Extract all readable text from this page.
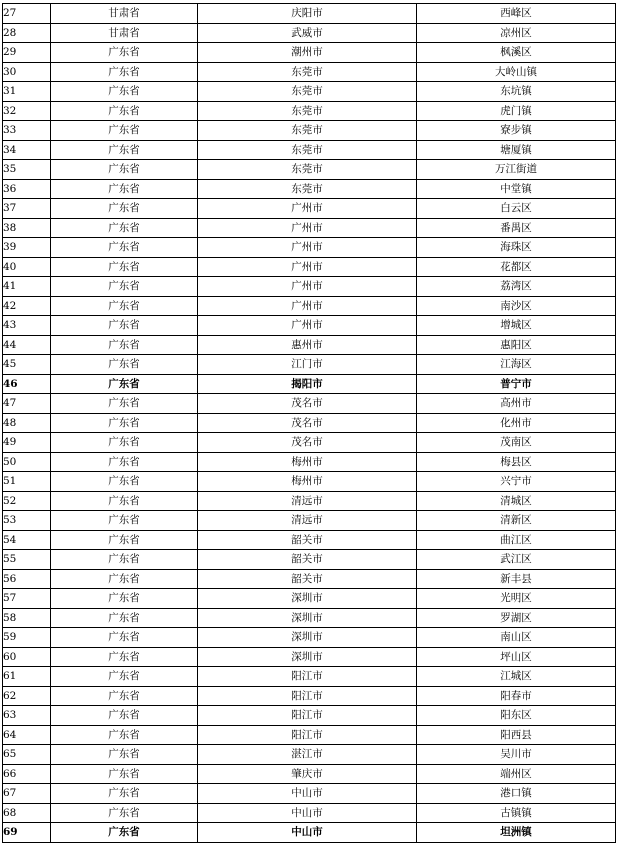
27	甘肃省	庆阳市	西峰区
28	甘肃省	武威市	凉州区
29	广东省	潮州市	枫溪区
30	广东省	东莞市	大岭山镇
31	广东省	东莞市	东坑镇
32	广东省	东莞市	虎门镇
33	广东省	东莞市	寮步镇
34	广东省	东莞市	塘厦镇
35	广东省	东莞市	万江街道
36	广东省	东莞市	中堂镇
37	广东省	广州市	白云区
38	广东省	广州市	番禺区
39	广东省	广州市	海珠区
40	广东省	广州市	花都区
41	广东省	广州市	荔湾区
42	广东省	广州市	南沙区
43	广东省	广州市	增城区
44	广东省	惠州市	惠阳区
45	广东省	江门市	江海区
46	广东省	揭阳市	普宁市
47	广东省	茂名市	高州市
48	广东省	茂名市	化州市
49	广东省	茂名市	茂南区
50	广东省	梅州市	梅县区
51	广东省	梅州市	兴宁市
52	广东省	清远市	清城区
53	广东省	清远市	清新区
54	广东省	韶关市	曲江区
55	广东省	韶关市	武江区
56	广东省	韶关市	新丰县
57	广东省	深圳市	光明区
58	广东省	深圳市	罗湖区
59	广东省	深圳市	南山区
60	广东省	深圳市	坪山区
61	广东省	阳江市	江城区
62	广东省	阳江市	阳春市
63	广东省	阳江市	阳东区
64	广东省	阳江市	阳西县
65	广东省	湛江市	吴川市
66	广东省	肇庆市	端州区
67	广东省	中山市	港口镇
68	广东省	中山市	古镇镇
69	广东省	中山市	坦洲镇
